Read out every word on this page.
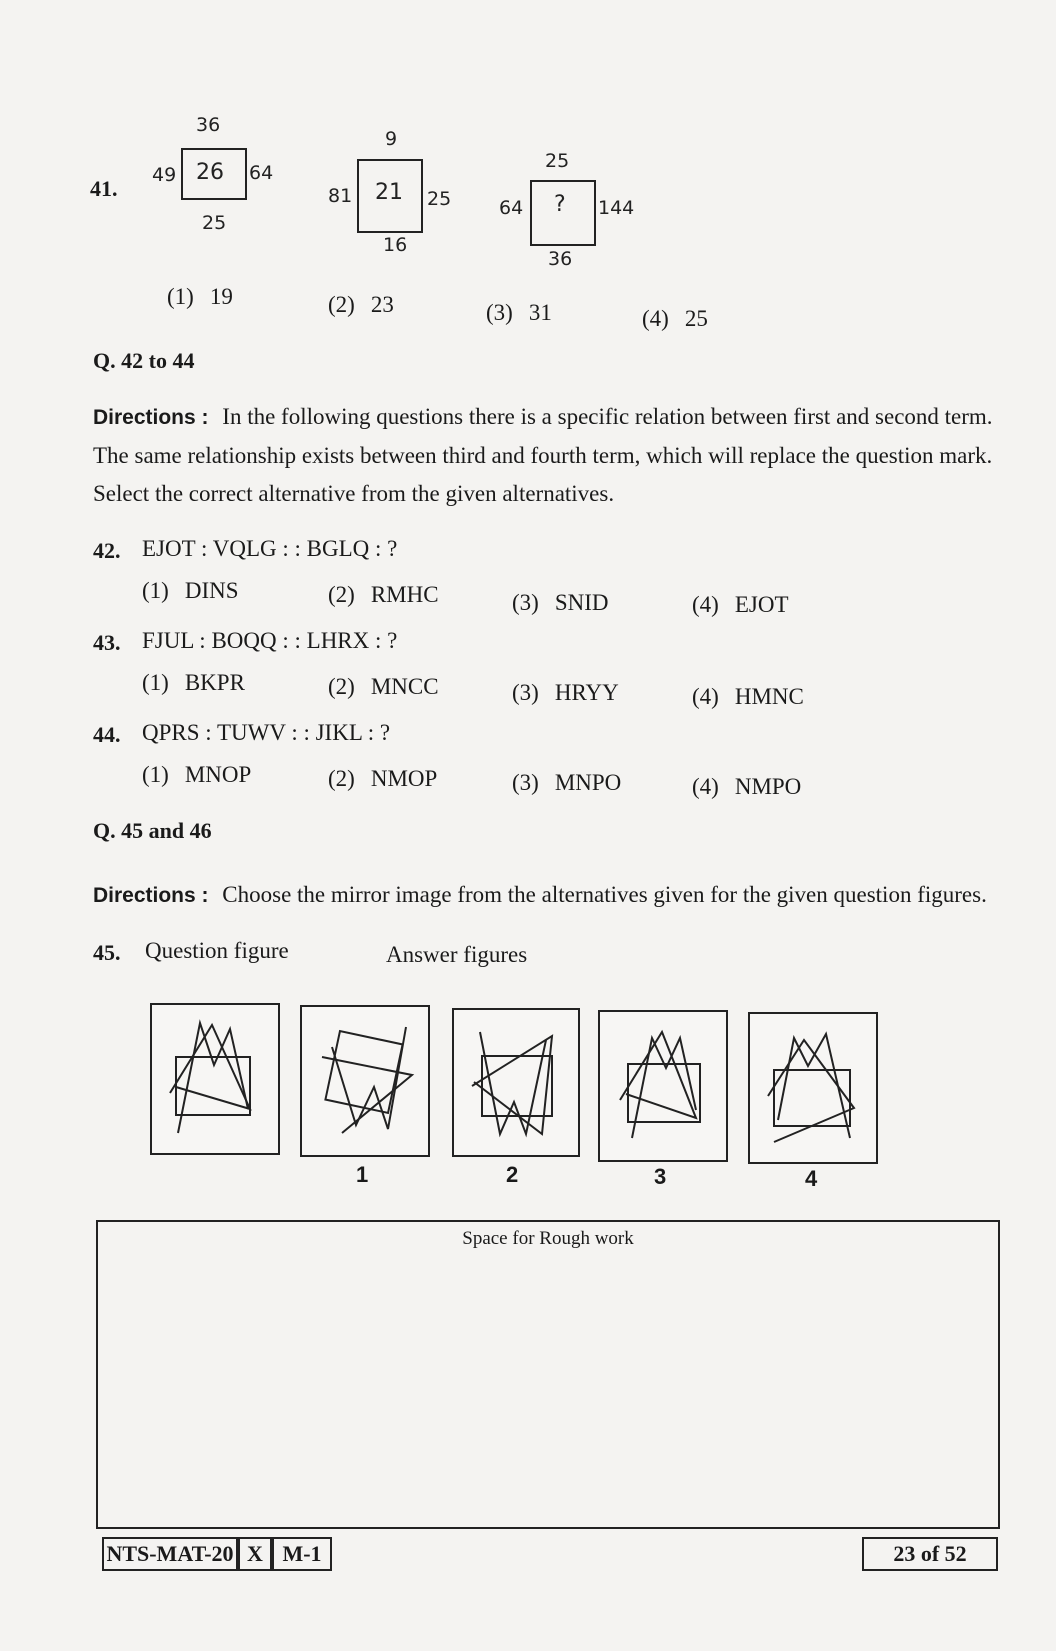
41.
36
49 26 64
25
9
81 21 25
16
25
64 ? 144
36
(1) 19	(2) 23	(3) 31	(4) 25
Q. 42 to 44
Directions : In the following questions there is a specific relation between first and second term. The same relationship exists between third and fourth term, which will replace the question mark. Select the correct alternative from the given alternatives.
42. EJOT : VQLG : : BGLQ : ?
(1) DINS	(2) RMHC	(3) SNID	(4) EJOT
43. FJUL : BOQQ : : LHRX : ?
(1) BKPR	(2) MNCC	(3) HRYY	(4) HMNC
44. QPRS : TUWV : : JIKL : ?
(1) MNOP	(2) NMOP	(3) MNPO	(4) NMPO
Q. 45 and 46
Directions : Choose the mirror image from the alternatives given for the given question figures.
45. Question figure	Answer figures
1	2	3	4
Space for Rough work
NTS-MAT-20 X M-1	23 of 52
